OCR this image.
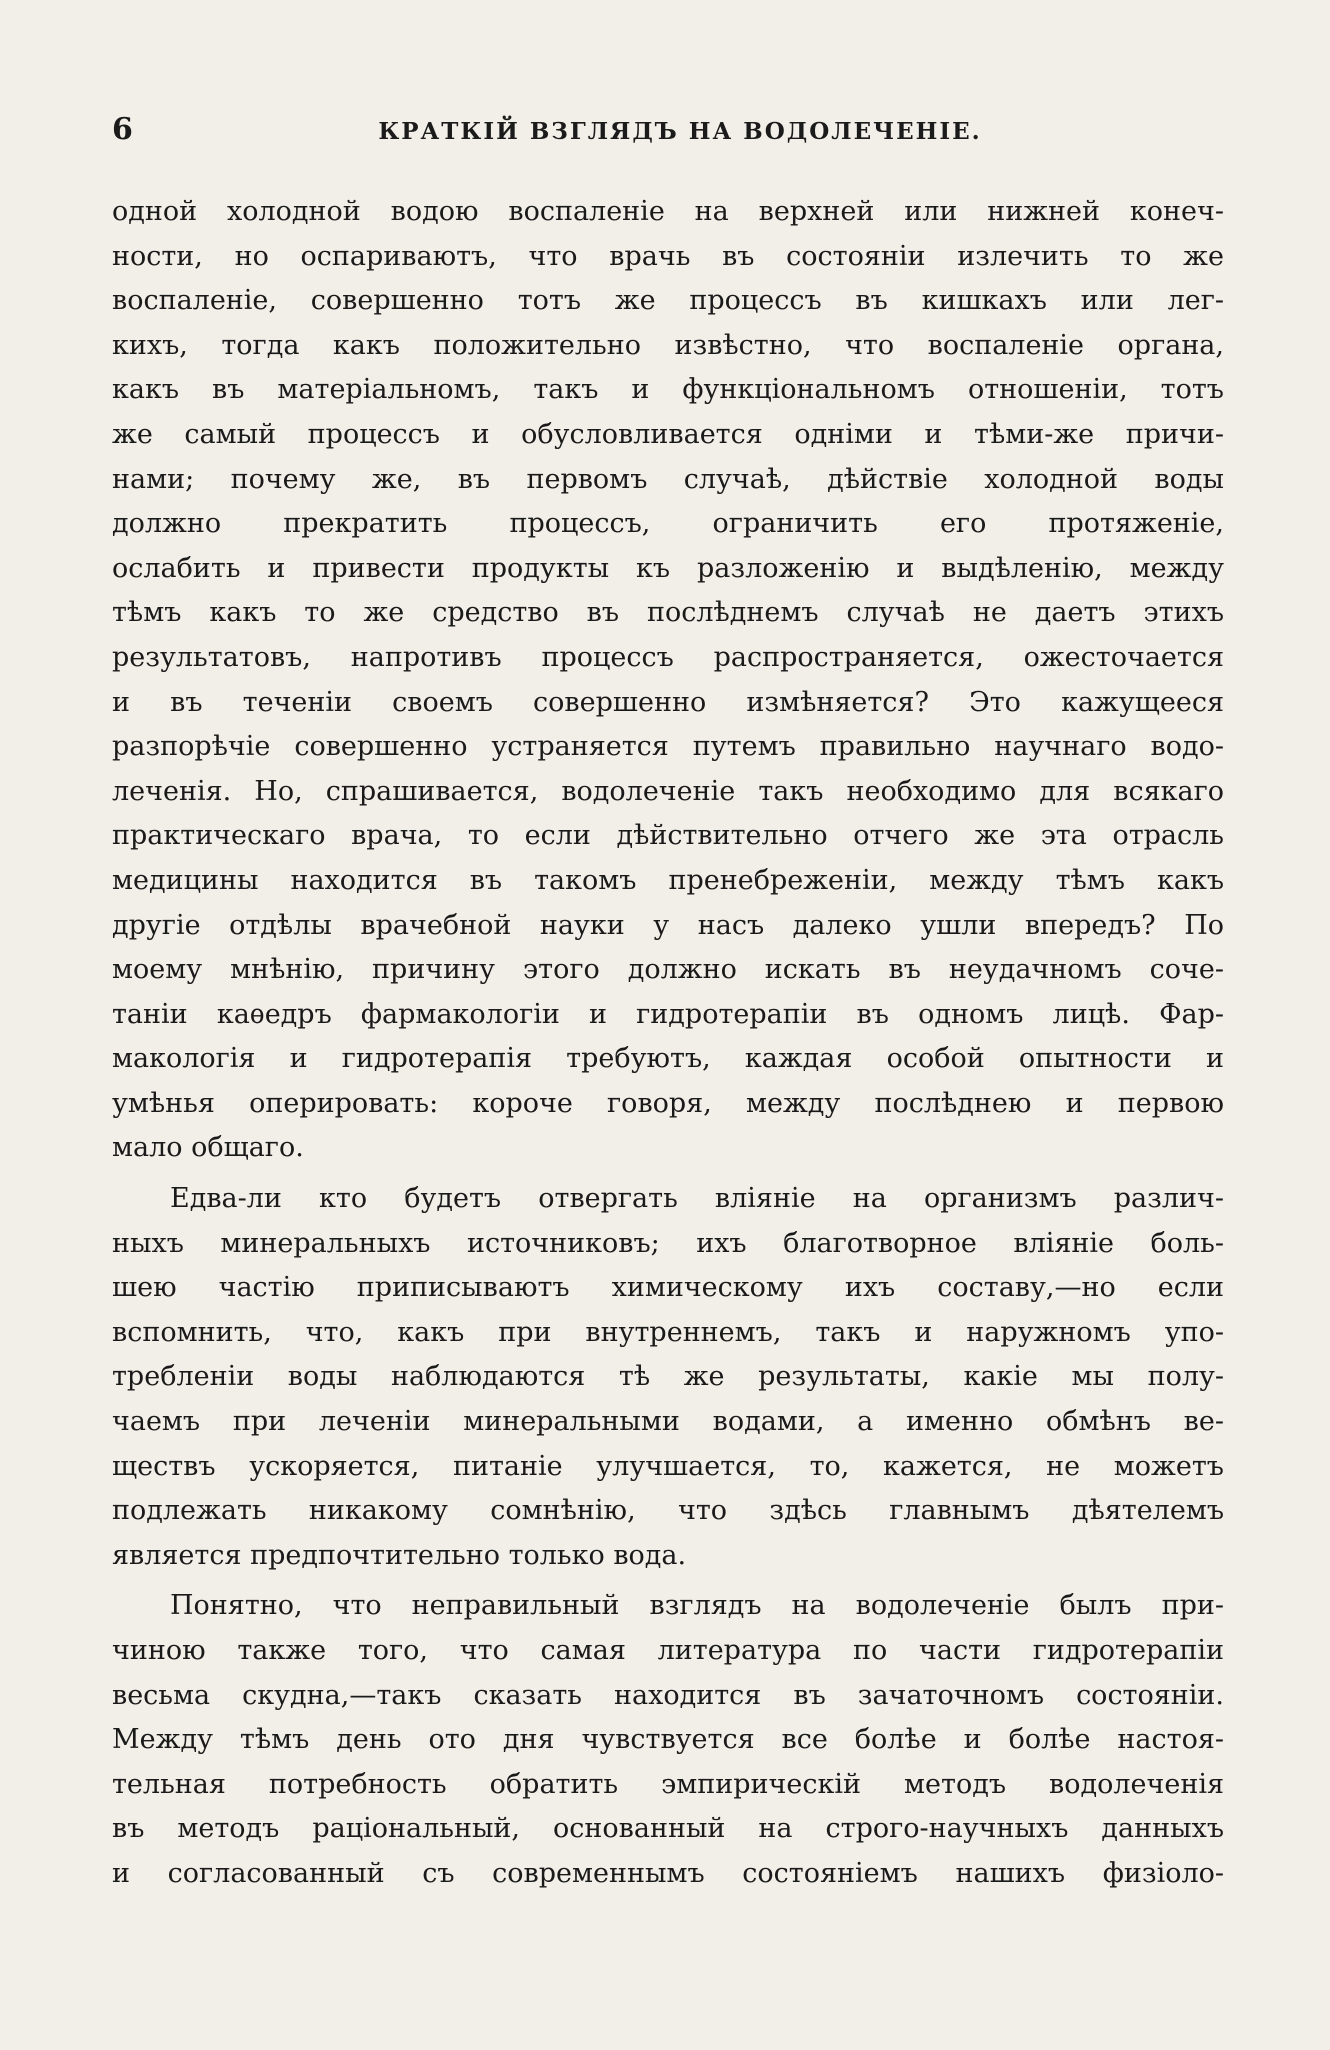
6	КРАТКІЙ ВЗГЛЯДЪ НА ВОДОЛЕЧЕНІЕ.
одной холодной водою воспаленіе на верхней или нижней конеч-
ности, но оспариваютъ, что врачь въ состояніи излечить то же
воспаленіе, совершенно тотъ же процессъ въ кишкахъ или лег-
кихъ, тогда какъ положительно извѣстно, что воспаленіе органа,
какъ въ матеріальномъ, такъ и функціональномъ отношеніи, тотъ
же самый процессъ и обусловливается одніми и тѣми-же причи-
нами; почему же, въ первомъ случаѣ, дѣйствіе холодной воды
должно прекратить процессъ, ограничить его протяженіе,
ослабить и привести продукты къ разложенію и выдѣленію, между
тѣмъ какъ то же средство въ послѣднемъ случаѣ не даетъ этихъ
результатовъ, напротивъ процессъ распространяется, ожесточается
и въ теченіи своемъ совершенно измѣняется? Это кажущееся
разпорѣчіе совершенно устраняется путемъ правильно научнаго водо-
леченія. Но, спрашивается, водолеченіе такъ необходимо для всякаго
практическаго врача, то если дѣйствительно отчего же эта отрасль
медицины находится въ такомъ пренебреженіи, между тѣмъ какъ
другіе отдѣлы врачебной науки у насъ далеко ушли впередъ? По
моему мнѣнію, причину этого должно искать въ неудачномъ соче-
таніи каѳедръ фармакологіи и гидротерапіи въ одномъ лицѣ. Фар-
макологія и гидротерапія требуютъ, каждая особой опытности и
умѣнья оперировать: короче говоря, между послѣднею и первою
мало общаго.
Едва-ли кто будетъ отвергать вліяніе на организмъ различ-
ныхъ минеральныхъ источниковъ; ихъ благотворное вліяніе боль-
шею частію приписываютъ химическому ихъ составу,—но если
вспомнить, что, какъ при внутреннемъ, такъ и наружномъ упо-
требленіи воды наблюдаются тѣ же результаты, какіе мы полу-
чаемъ при леченіи минеральными водами, а именно обмѣнъ ве-
ществъ ускоряется, питаніе улучшается, то, кажется, не можетъ
подлежать никакому сомнѣнію, что здѣсь главнымъ дѣятелемъ
является предпочтительно только вода.
Понятно, что неправильный взглядъ на водолеченіе былъ при-
чиною также того, что самая литература по части гидротерапіи
весьма скудна,—такъ сказать находится въ зачаточномъ состояніи.
Между тѣмъ день ото дня чувствуется все болѣе и болѣе настоя-
тельная потребность обратить эмпирическій методъ водолеченія
въ методъ раціональный, основанный на строго-научныхъ данныхъ
и согласованный съ современнымъ состояніемъ нашихъ физіоло-
